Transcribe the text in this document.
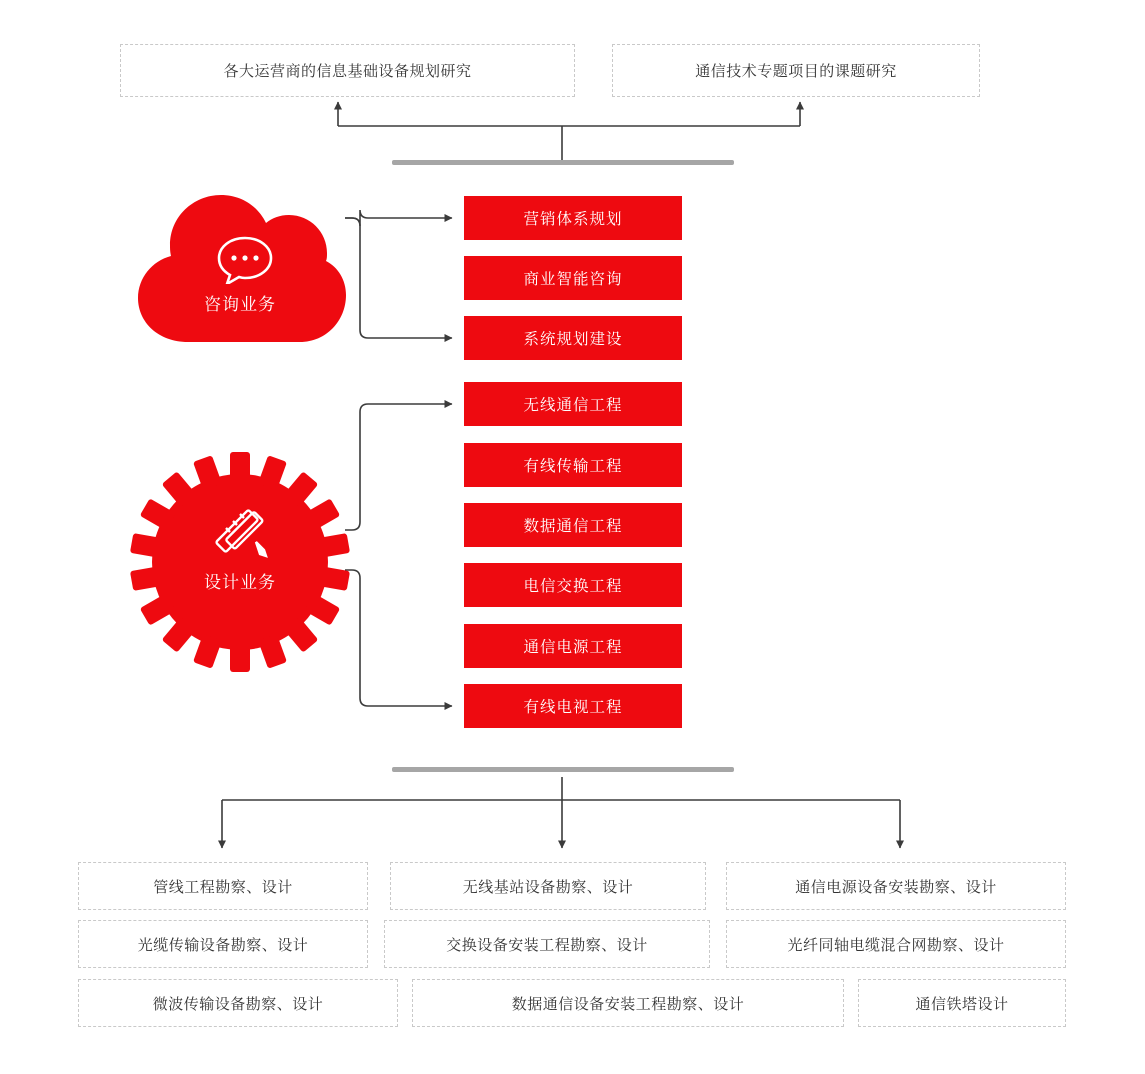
各大运营商的信息基础设备规划研究	通信技术专题项目的课题研究
咨询业务
营销体系规划
商业智能咨询
系统规划建设
设计业务
无线通信工程
有线传输工程
数据通信工程
电信交换工程
通信电源工程
有线电视工程
管线工程勘察、设计	无线基站设备勘察、设计	通信电源设备安装勘察、设计
光缆传输设备勘察、设计	交换设备安装工程勘察、设计	光纤同轴电缆混合网勘察、设计
微波传输设备勘察、设计	数据通信设备安装工程勘察、设计	通信铁塔设计
